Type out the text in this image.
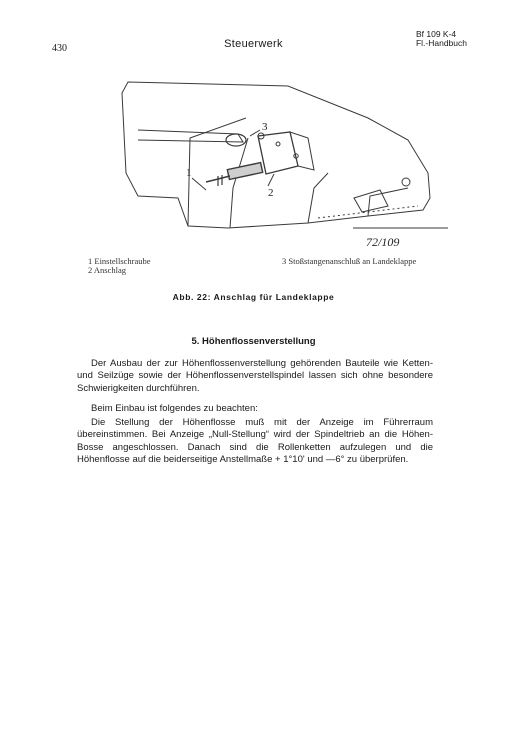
430	Steuerwerk
Bf 109 K-4
Fl.-Handbuch
1
2
3
72/109
1 Einstellschraube
2 Anschlag
3 Stoßstangenanschluß an Landeklappe
Abb. 22: Anschlag für Landeklappe
5. Höhenflossenverstellung
Der Ausbau der zur Höhenflossenverstellung gehörenden Bauteile wie Ketten- und Seilzüge sowie der Höhenflossenverstellspindel lassen sich ohne besondere Schwierigkeiten durchführen.
Beim Einbau ist folgendes zu beachten:
Die Stellung der Höhenflosse muß mit der Anzeige im Führerraum übereinstimmen. Bei Anzeige „Null-Stellung“ wird der Spindeltrieb an die Höhen-Bosse angeschlossen. Danach sind die Rollenketten aufzulegen und die Höhenflosse auf die beiderseitige Anstellmaße + 1°10' und —6° zu überprüfen.
